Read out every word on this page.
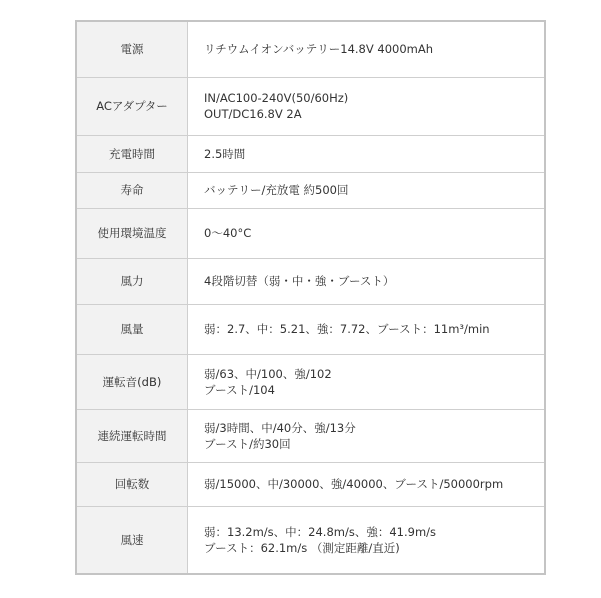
電源	リチウムイオンバッテリー14.8V 4000mAh

ACアダプター	IN/AC100-240V(50/60Hz)
OUT/DC16.8V 2A

充電時間	2.5時間

寿命	バッテリー/充放電 約500回

使用環境温度	0〜40°C

風力	4段階切替（弱・中・強・ブースト）

風量	弱：2.7、中：5.21、強：7.72、ブースト：11m³/min

運転音(dB)	弱/63、中/100、強/102
ブースト/104

連続運転時間	弱/3時間、中/40分、強/13分
ブースト/約30回

回転数	弱/15000、中/30000、強/40000、ブースト/50000rpm

風速	弱：13.2m/s、中：24.8m/s、強：41.9m/s
ブースト：62.1m/s （測定距離/直近)
